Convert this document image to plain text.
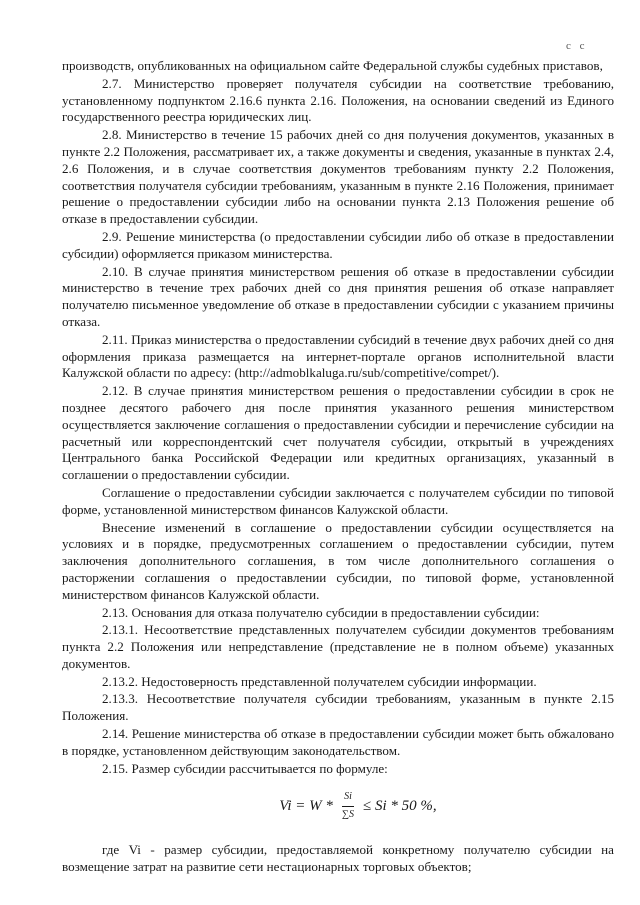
с с

производств, опубликованных на официальном сайте Федеральной службы судебных приставов,

2.7. Министерство проверяет получателя субсидии на соответствие требованию, установленному подпунктом 2.16.6 пункта 2.16. Положения, на основании сведений из Единого государственного реестра юридических лиц.

2.8. Министерство в течение 15 рабочих дней со дня получения документов, указанных в пункте 2.2 Положения, рассматривает их, а также документы и сведения, указанные в пунктах 2.4, 2.6 Положения, и в случае соответствия документов требованиям пункту 2.2 Положения, соответствия получателя субсидии требованиям, указанным в пункте 2.16 Положения, принимает решение о предоставлении субсидии либо на основании пункта 2.13 Положения решение об отказе в предоставлении субсидии.

2.9. Решение министерства (о предоставлении субсидии либо об отказе в предоставлении субсидии) оформляется приказом министерства.

2.10. В случае принятия министерством решения об отказе в предоставлении субсидии министерство в течение трех рабочих дней со дня принятия решения об отказе направляет получателю письменное уведомление об отказе в предоставлении субсидии с указанием причины отказа.

2.11. Приказ министерства о предоставлении субсидий в течение двух рабочих дней со дня оформления приказа размещается на интернет-портале органов исполнительной власти Калужской области по адресу: (http://admoblkaluga.ru/sub/competitive/compet/).

2.12. В случае принятия министерством решения о предоставлении субсидии в срок не позднее десятого рабочего дня после принятия указанного решения министерством осуществляется заключение соглашения о предоставлении субсидии и перечисление субсидии на расчетный или корреспондентский счет получателя субсидии, открытый в учреждениях Центрального банка Российской Федерации или кредитных организациях, указанный в соглашении о предоставлении субсидии.

Соглашение о предоставлении субсидии заключается с получателем субсидии по типовой форме, установленной министерством финансов Калужской области.

Внесение изменений в соглашение о предоставлении субсидии осуществляется на условиях и в порядке, предусмотренных соглашением о предоставлении субсидии, путем заключения дополнительного соглашения, в том числе дополнительного соглашения о расторжении соглашения о предоставлении субсидии, по типовой форме, установленной министерством финансов Калужской области.

2.13. Основания для отказа получателю субсидии в предоставлении субсидии:

2.13.1. Несоответствие представленных получателем субсидии документов требованиям пункта 2.2 Положения или непредставление (представление не в полном объеме) указанных документов.

2.13.2. Недостоверность представленной получателем субсидии информации.

2.13.3. Несоответствие получателя субсидии требованиям, указанным в пункте 2.15 Положения.

2.14. Решение министерства об отказе в предоставлении субсидии может быть обжаловано в порядке, установленном действующим законодательством.

2.15. Размер субсидии рассчитывается по формуле:

$Vi = W * \frac{Si}{\sum S} \le Si * 50$ %,

где Vi - размер субсидии, предоставляемой конкретному получателю субсидии на возмещение затрат на развитие сети нестационарных торговых объектов;
